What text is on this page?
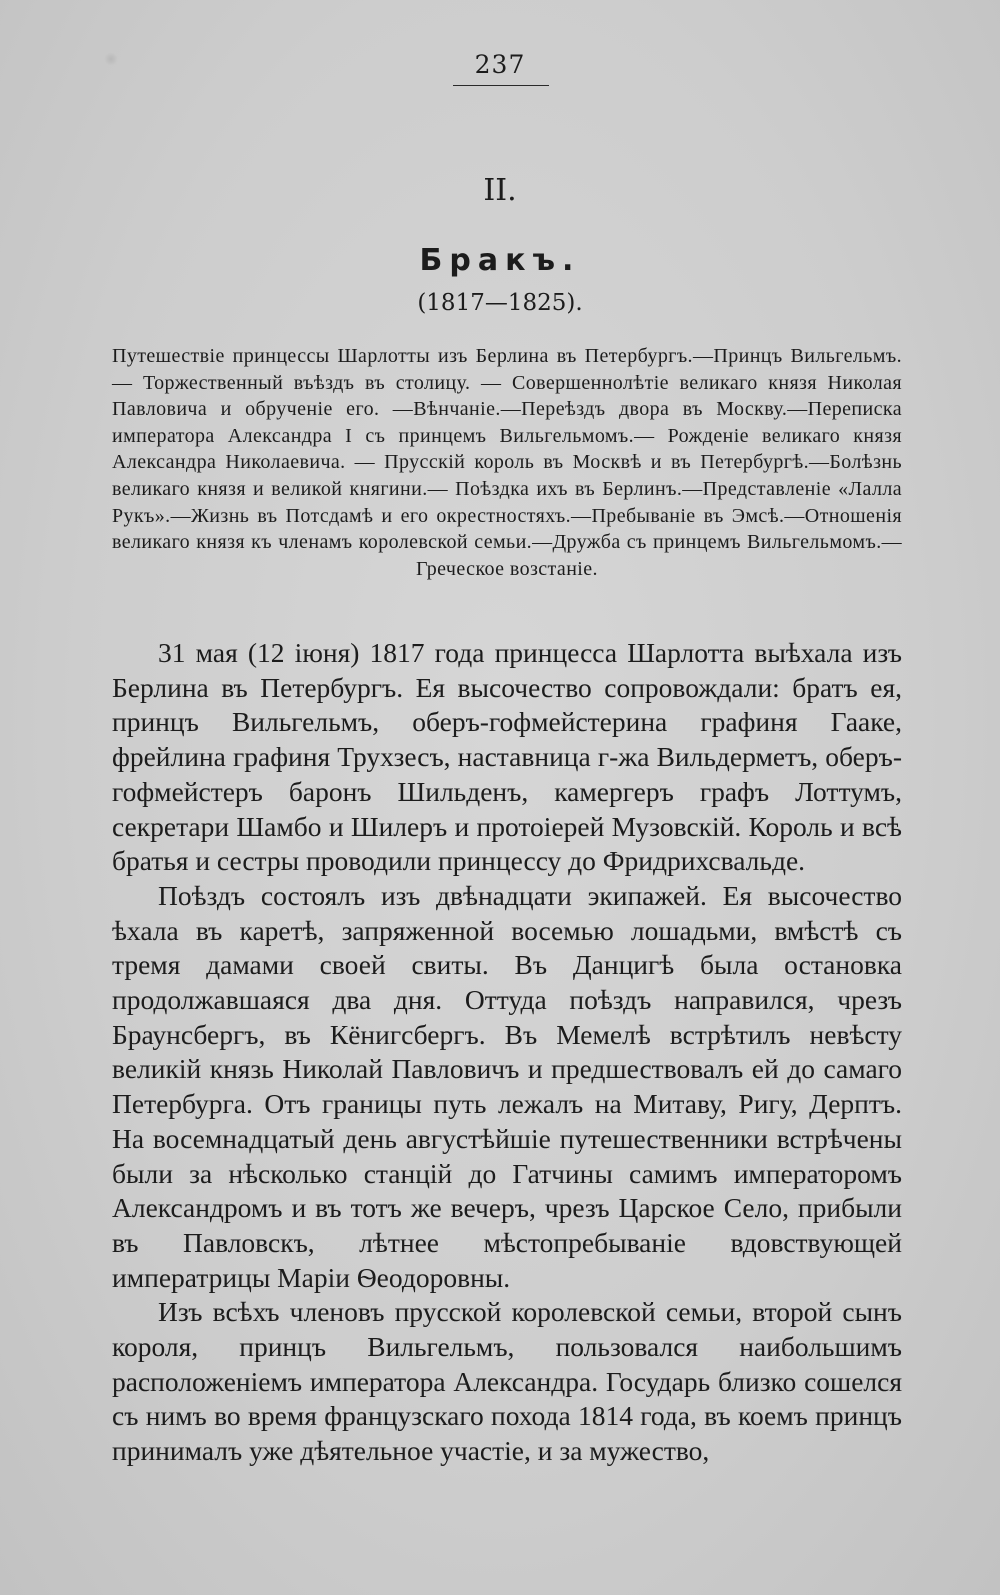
237
II.
Бракъ.
(1817—1825).
Путешествіе принцессы Шарлотты изъ Берлина въ Петербургъ.—Принцъ Вильгельмъ. — Торжественный въѣздъ въ столицу. — Совершеннолѣтіе великаго князя Николая Павловича и обрученіе его. —Вѣнчаніе.—Переѣздъ двора въ Москву.—Переписка императора Александра I съ принцемъ Вильгельмомъ.— Рожденіе великаго князя Александра Николаевича. — Прусскій король въ Москвѣ и въ Петербургѣ.—Болѣзнь великаго князя и великой княгини.— Поѣздка ихъ въ Берлинъ.—Представленіе «Лалла Рукъ».—Жизнь въ Потсдамѣ и его окрестностяхъ.—Пребываніе въ Эмсѣ.—Отношенія великаго князя къ членамъ королевской семьи.—Дружба съ принцемъ Вильгельмомъ.— Греческое возстаніе.

31 мая (12 іюня) 1817 года принцесса Шарлотта выѣхала изъ Берлина въ Петербургъ. Ея высочество сопровождали: братъ ея, принцъ Вильгельмъ, оберъ-гофмейстерина графиня Гааке, фрейлина графиня Трухзесъ, наставница г-жа Вильдерметъ, оберъ-гофмейстеръ баронъ Шильденъ, камергеръ графъ Лоттумъ, секретари Шамбо и Шилеръ и протоіерей Музовскій. Король и всѣ братья и сестры проводили принцессу до Фридрихсвальде.

Поѣздъ состоялъ изъ двѣнадцати экипажей. Ея высочество ѣхала въ каретѣ, запряженной восемью лошадьми, вмѣстѣ съ тремя дамами своей свиты. Въ Данцигѣ была остановка продолжавшаяся два дня. Оттуда поѣздъ направился, чрезъ Браунсбергъ, въ Кёнигсбергъ. Въ Мемелѣ встрѣтилъ невѣсту великій князь Николай Павловичъ и предшествовалъ ей до самаго Петербурга. Отъ границы путь лежалъ на Митаву, Ригу, Дерптъ. На восемнадцатый день августѣйшіе путешественники встрѣчены были за нѣсколько станцій до Гатчины самимъ императоромъ Александромъ и въ тотъ же вечеръ, чрезъ Царское Село, прибыли въ Павловскъ, лѣтнее мѣстопребываніе вдовствующей императрицы Маріи Ѳеодоровны.

Изъ всѣхъ членовъ прусской королевской семьи, второй сынъ короля, принцъ Вильгельмъ, пользовался наибольшимъ расположеніемъ императора Александра. Государь близко сошелся съ нимъ во время французскаго похода 1814 года, въ коемъ принцъ принималъ уже дѣятельное участіе, и за мужество,
